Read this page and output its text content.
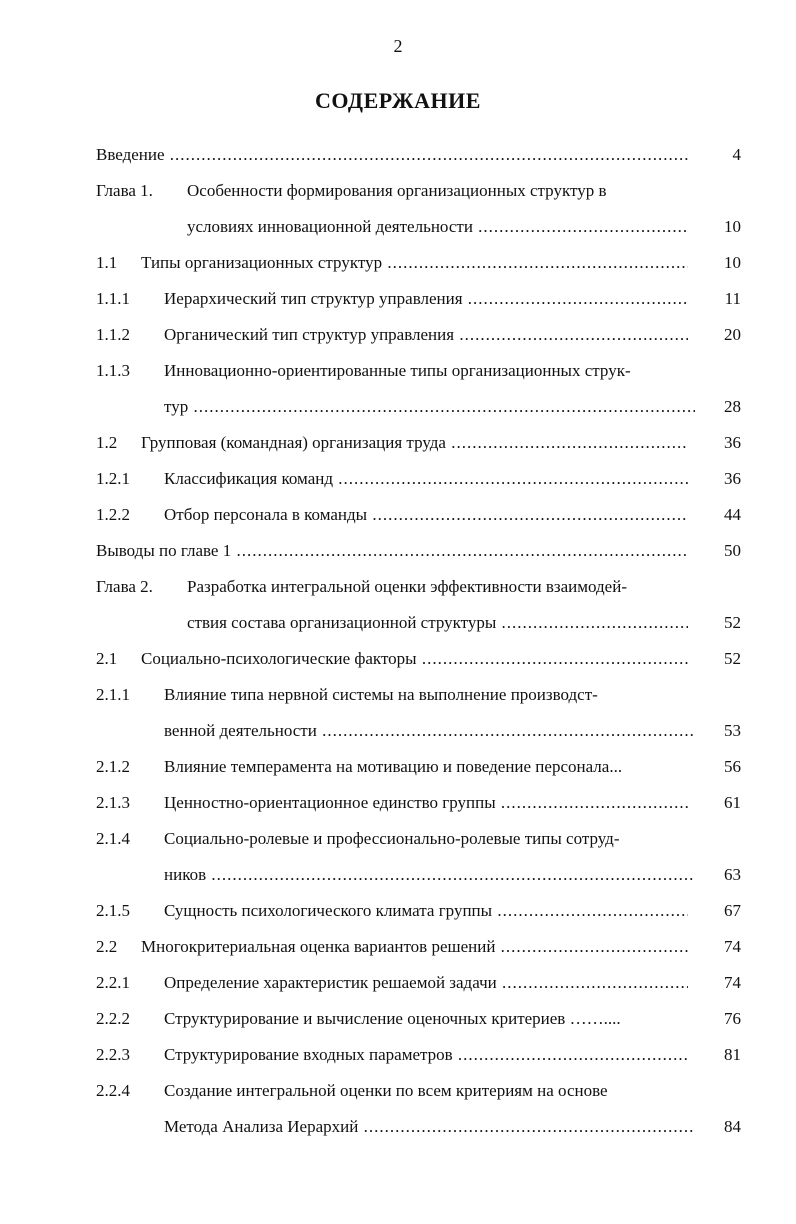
2
СОДЕРЖАНИЕ
Введение .....	4
Глава 1. Особенности формирования организационных структур в
условиях инновационной деятельности .....	10
1.1 Типы организационных структур .....	10
1.1.1 Иерархический тип структур управления .....	11
1.1.2 Органический тип структур управления .....	20
1.1.3 Инновационно-ориентированные типы организационных струк-
тур .....	28
1.2 Групповая (командная) организация труда .....	36
1.2.1 Классификация команд .....	36
1.2.2 Отбор персонала в команды .....	44
Выводы по главе 1 .....	50
Глава 2. Разработка интегральной оценки эффективности взаимодей-
ствия состава организационной структуры .....	52
2.1 Социально-психологические факторы .....	52
2.1.1 Влияние типа нервной системы на выполнение производст-
венной деятельности .....	53
2.1.2 Влияние темперамента на мотивацию и поведение персонала...	56
2.1.3 Ценностно-ориентационное единство группы .....	61
2.1.4 Социально-ролевые и профессионально-ролевые типы сотруд-
ников .....	63
2.1.5 Сущность психологического климата группы .....	67
2.2 Многокритериальная оценка вариантов решений .....	74
2.2.1 Определение характеристик решаемой задачи .....	74
2.2.2 Структурирование и вычисление оценочных критериев ……....	76
2.2.3 Структурирование входных параметров .....	81
2.2.4 Создание интегральной оценки по всем критериям на основе
Метода Анализа Иерархий .....	84
